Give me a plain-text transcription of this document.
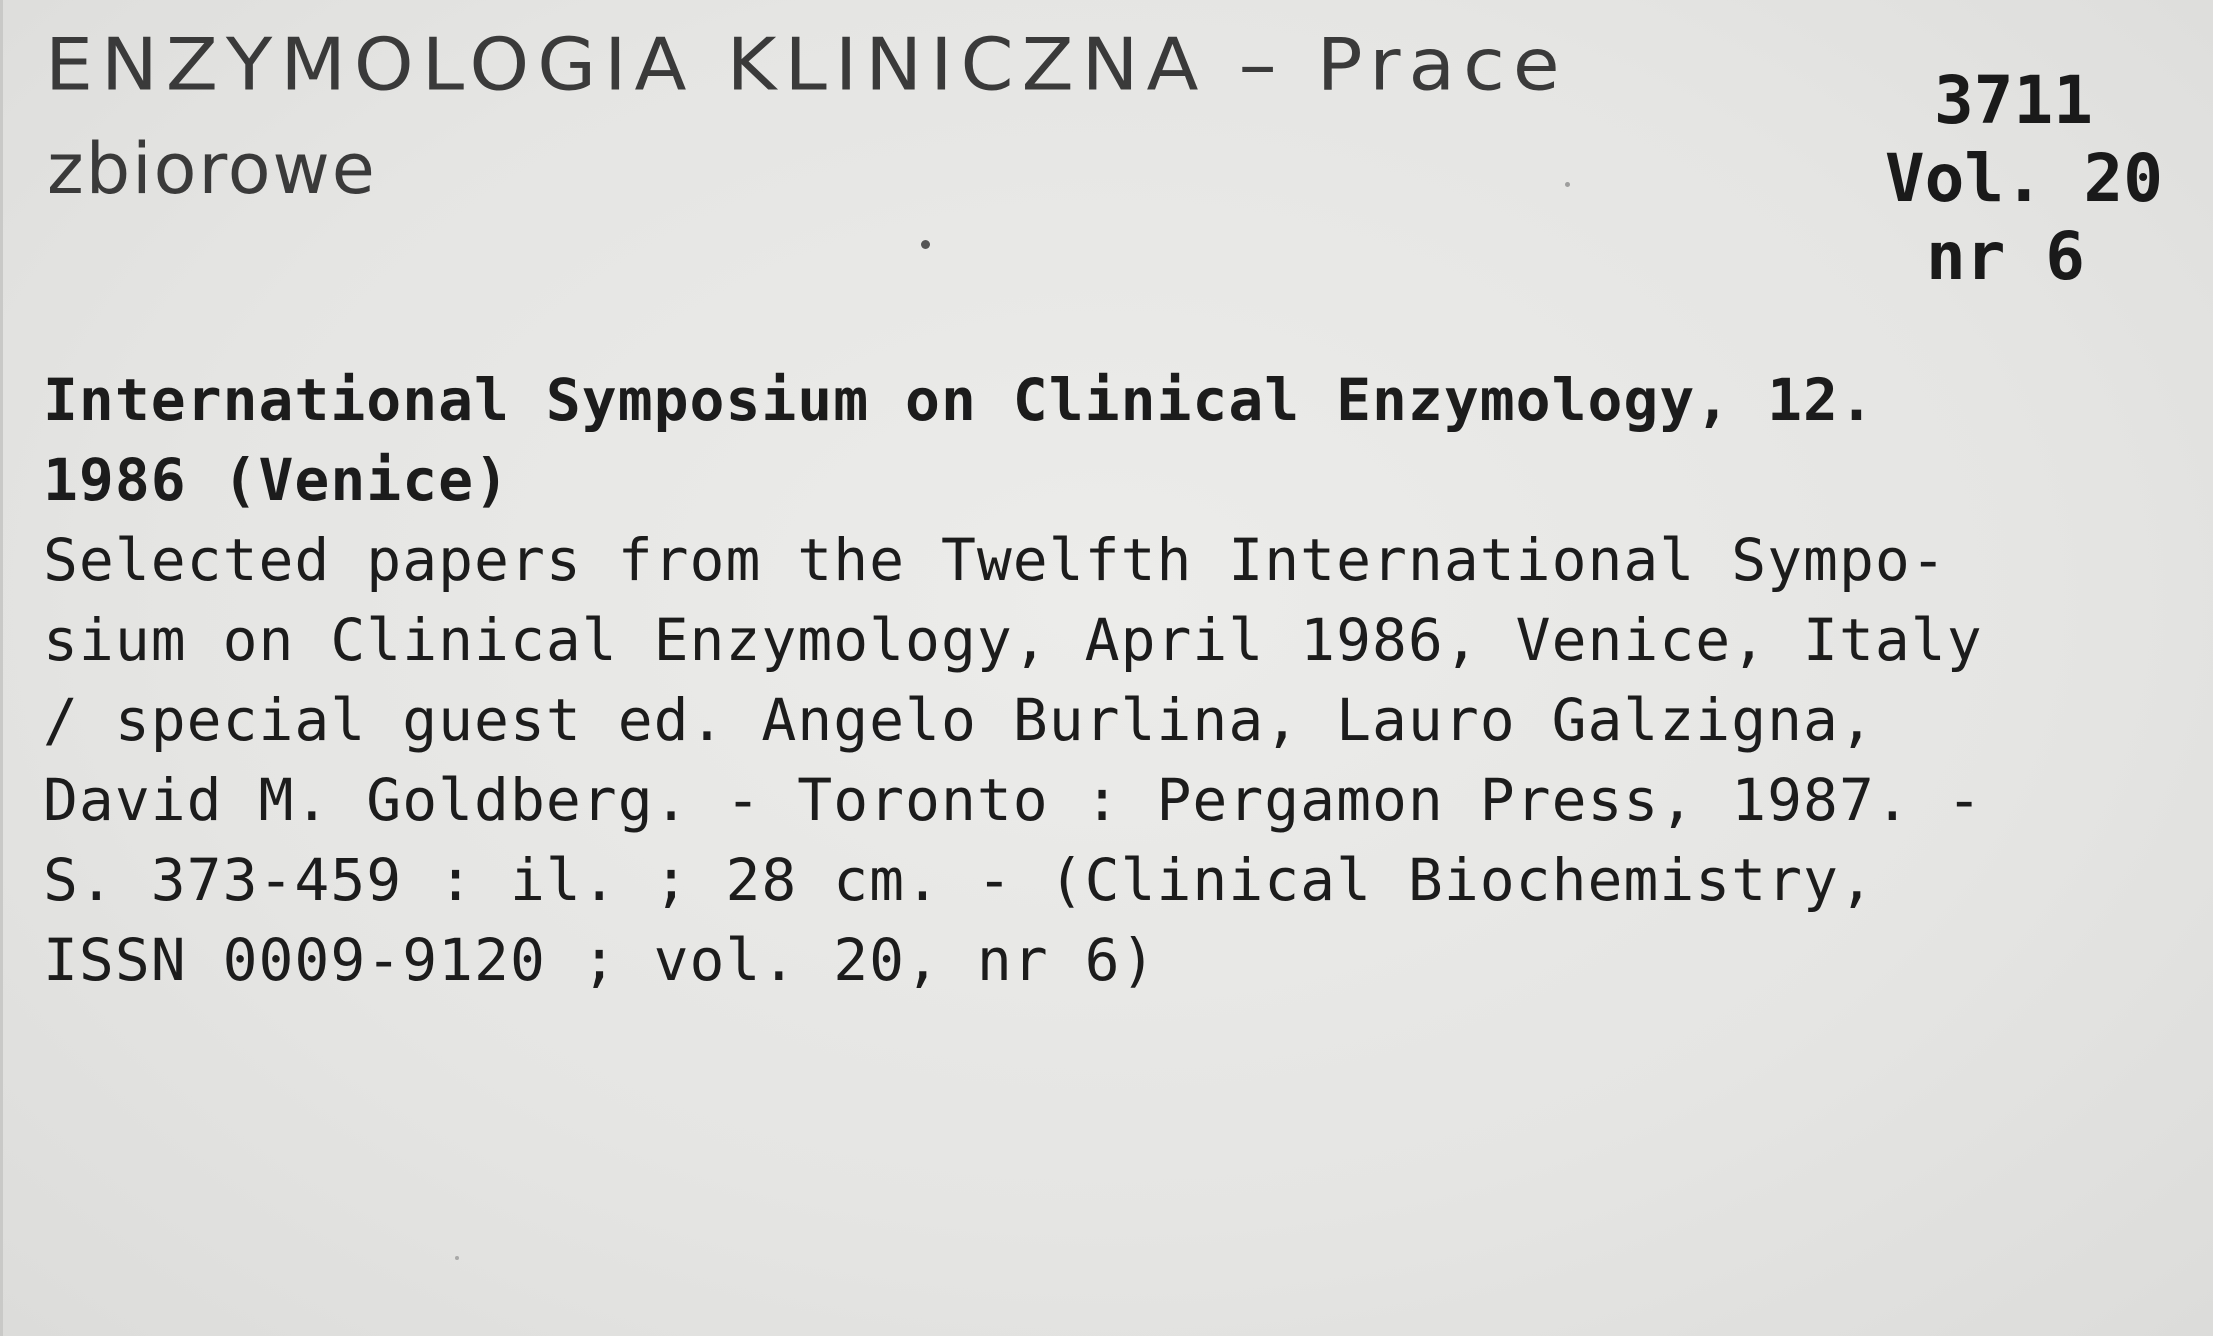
ENZYMOLOGIA KLINICZNA – Prace
zbiorowe
3711
Vol. 20
nr 6
International Symposium on Clinical Enzymology, 12.
1986 (Venice)
Selected papers from the Twelfth International Sympo-
sium on Clinical Enzymology, April 1986, Venice, Italy
/ special guest ed. Angelo Burlina, Lauro Galzigna,
David M. Goldberg. - Toronto : Pergamon Press, 1987. -
S. 373-459 : il. ; 28 cm. - (Clinical Biochemistry,
ISSN 0009-9120 ; vol. 20, nr 6)
